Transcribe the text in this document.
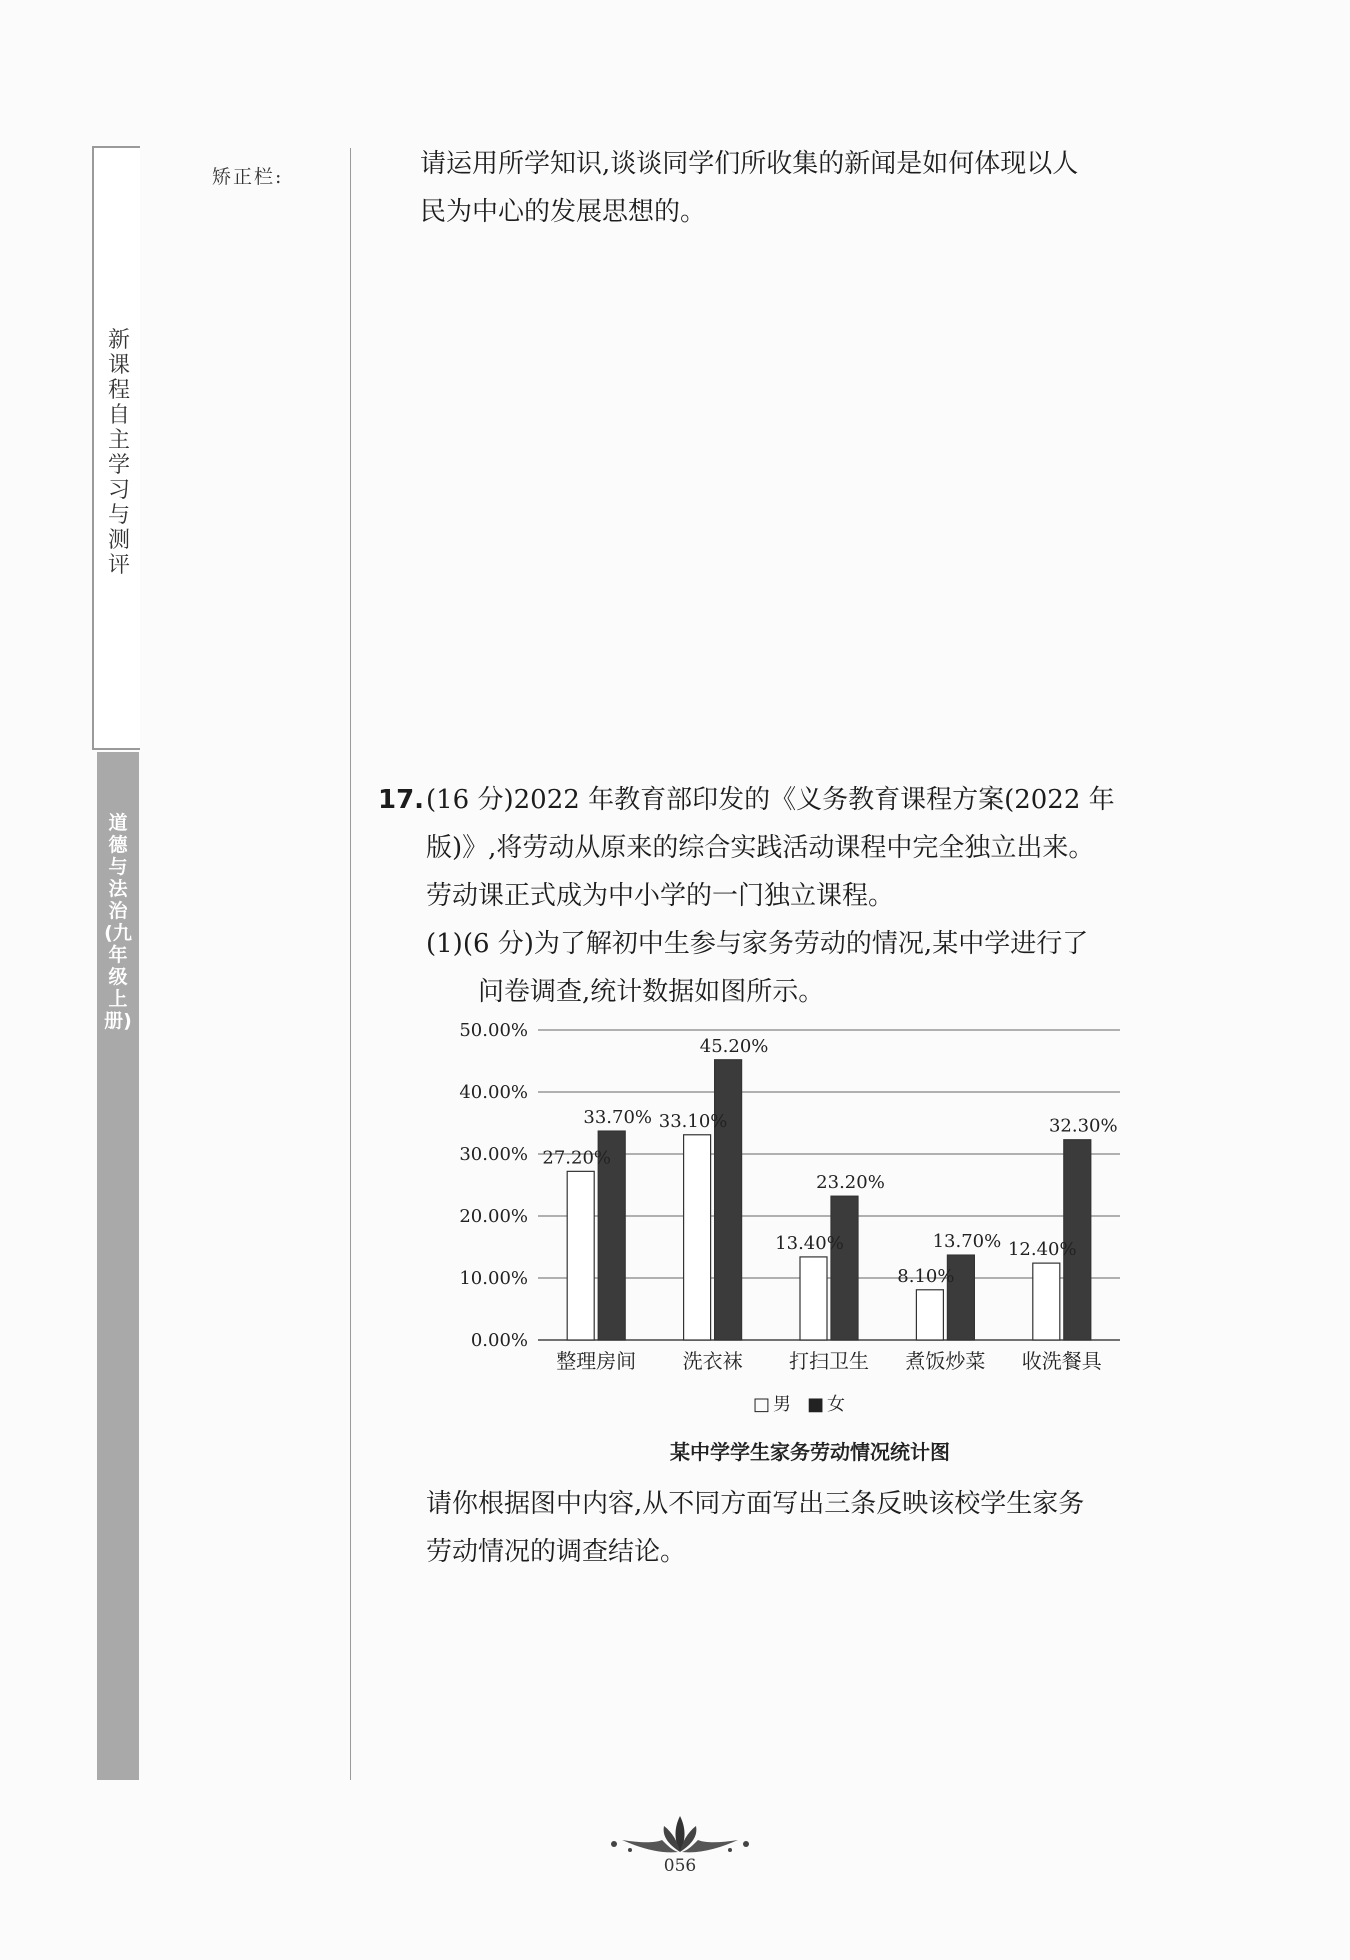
新课程自主学习与测评
道德与法治(九年级上册)
矫正栏:	请运用所学知识,谈谈同学们所收集的新闻是如何体现以人
民为中心的发展思想的。
17. (16 分)2022 年教育部印发的《义务教育课程方案(2022 年
版)》,将劳动从原来的综合实践活动课程中完全独立出来。
劳动课正式成为中小学的一门独立课程。
(1)(6 分)为了解初中生参与家务劳动的情况,某中学进行了
问卷调查,统计数据如图所示。
0.00%
10.00%
20.00%
30.00%
40.00%
50.00%
27.20%
33.70% 33.10%
45.20%
13.40%
23.20%
8.10%
13.70% 12.40%
32.30%
整理房间 洗衣袜 打扫卫生 煮饭炒菜 收洗餐具
□ 男 ■ 女
某中学学生家务劳动情况统计图
请你根据图中内容,从不同方面写出三条反映该校学生家务
劳动情况的调查结论。
056
